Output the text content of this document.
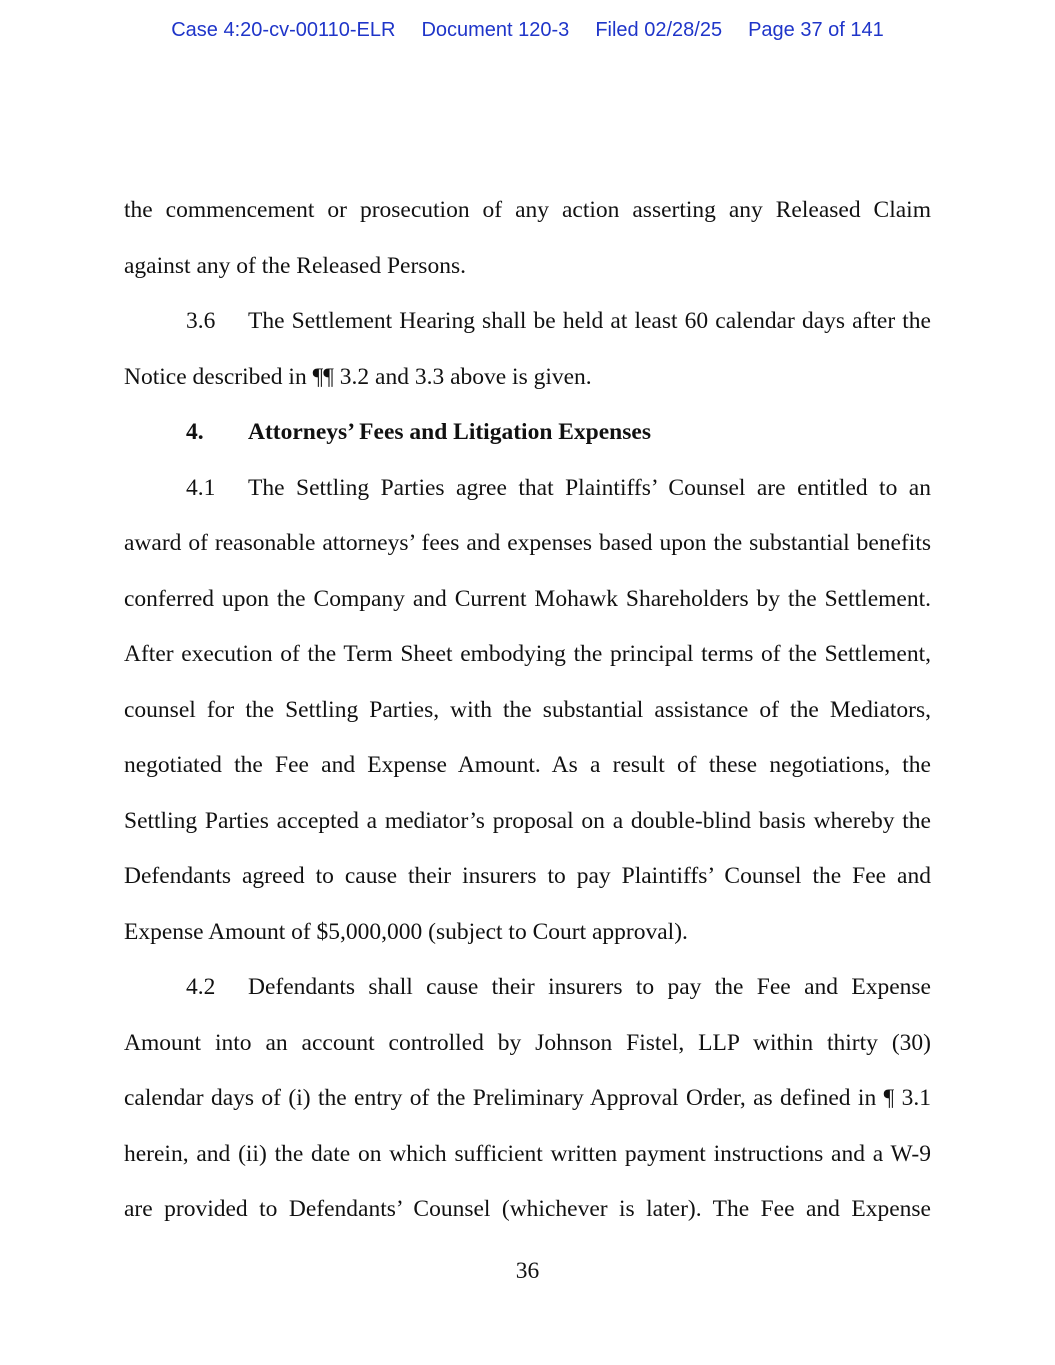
Case 4:20-cv-00110-ELR Document 120-3 Filed 02/28/25 Page 37 of 141

the commencement or prosecution of any action asserting any Released Claim

against any of the Released Persons.

3.6 The Settlement Hearing shall be held at least 60 calendar days after the

Notice described in ¶¶ 3.2 and 3.3 above is given.

4. Attorneys’ Fees and Litigation Expenses

4.1 The Settling Parties agree that Plaintiffs’ Counsel are entitled to an

award of reasonable attorneys’ fees and expenses based upon the substantial benefits

conferred upon the Company and Current Mohawk Shareholders by the Settlement.

After execution of the Term Sheet embodying the principal terms of the Settlement,

counsel for the Settling Parties, with the substantial assistance of the Mediators,

negotiated the Fee and Expense Amount. As a result of these negotiations, the

Settling Parties accepted a mediator’s proposal on a double-blind basis whereby the

Defendants agreed to cause their insurers to pay Plaintiffs’ Counsel the Fee and

Expense Amount of $5,000,000 (subject to Court approval).

4.2 Defendants shall cause their insurers to pay the Fee and Expense

Amount into an account controlled by Johnson Fistel, LLP within thirty (30)

calendar days of (i) the entry of the Preliminary Approval Order, as defined in ¶ 3.1

herein, and (ii) the date on which sufficient written payment instructions and a W-9

are provided to Defendants’ Counsel (whichever is later). The Fee and Expense

36
